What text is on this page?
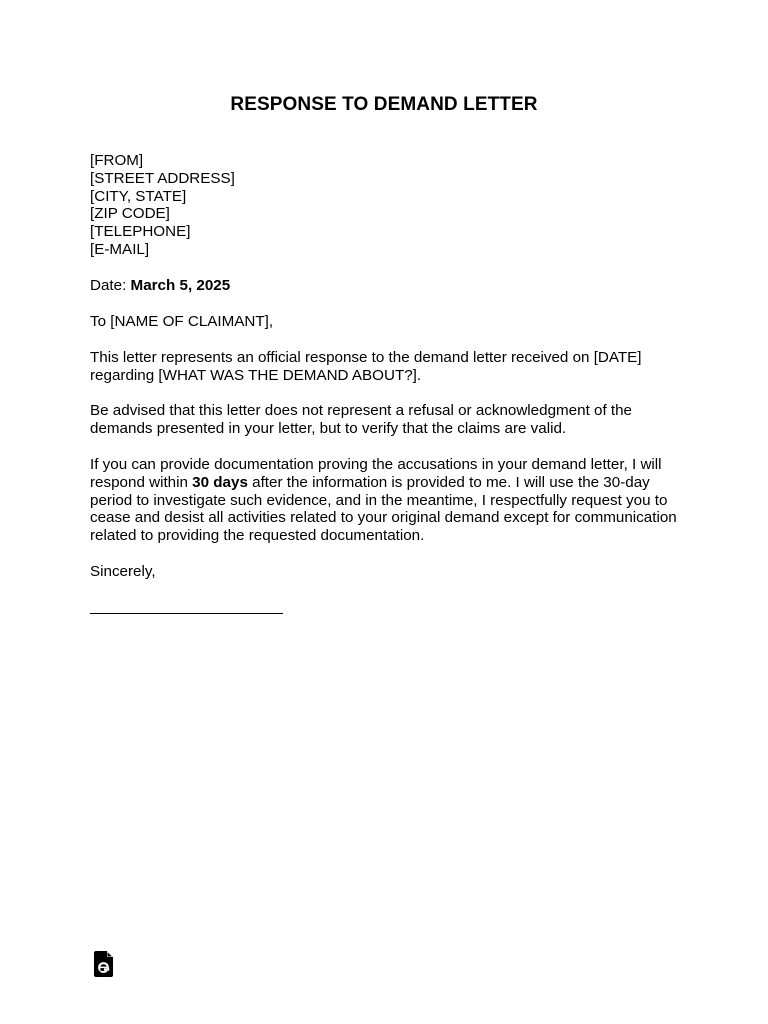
RESPONSE TO DEMAND LETTER
[FROM]
[STREET ADDRESS]
[CITY, STATE]
[ZIP CODE]
[TELEPHONE]
[E-MAIL]
Date: March 5, 2025
To [NAME OF CLAIMANT],
This letter represents an official response to the demand letter received on [DATE]
regarding [WHAT WAS THE DEMAND ABOUT?].
Be advised that this letter does not represent a refusal or acknowledgment of the
demands presented in your letter, but to verify that the claims are valid.
If you can provide documentation proving the accusations in your demand letter, I will
respond within 30 days after the information is provided to me. I will use the 30-day
period to investigate such evidence, and in the meantime, I respectfully request you to
cease and desist all activities related to your original demand except for communication
related to providing the requested documentation.
Sincerely,
